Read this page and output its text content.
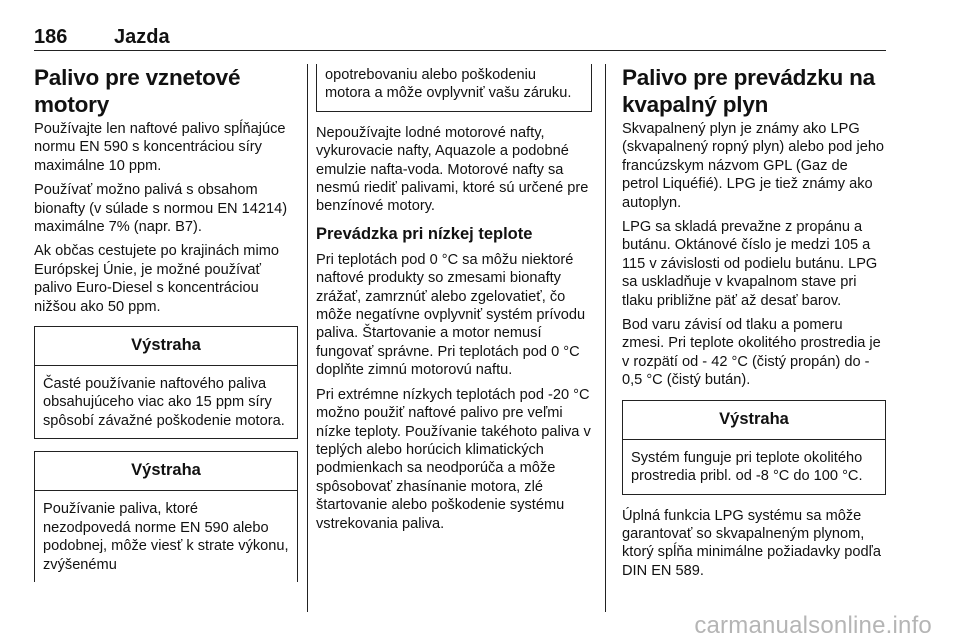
186 Jazda
Palivo pre vznetové motory

Používajte len naftové palivo spĺňajúce normu EN 590 s koncentráciou síry maximálne 10 ppm.

Používať možno palivá s obsahom bionafty (v súlade s normou EN 14214) maximálne 7% (napr. B7).

Ak občas cestujete po krajinách mimo Európskej Únie, je možné používať palivo Euro-Diesel s koncentráciou nižšou ako 50 ppm.

Výstraha
Časté používanie naftového paliva obsahujúceho viac ako 15 ppm síry spôsobí závažné poškodenie motora.
Výstraha
Používanie paliva, ktoré nezodpovedá norme EN 590 alebo podobnej, môže viesť k strate výkonu, zvýšenému
opotrebovaniu alebo poškodeniu motora a môže ovplyvniť vašu záruku.

Nepoužívajte lodné motorové nafty, vykurovacie nafty, Aquazole a podobné emulzie nafta-voda. Motorové nafty sa nesmú riediť palivami, ktoré sú určené pre benzínové motory.

Prevádzka pri nízkej teplote

Pri teplotách pod 0 °C sa môžu niektoré naftové produkty so zmesami bionafty zrážať, zamrznúť alebo zgelovatieť, čo môže negatívne ovplyvniť systém prívodu paliva. Štartovanie a motor nemusí fungovať správne. Pri teplotách pod 0 °C doplňte zimnú motorovú naftu.

Pri extrémne nízkych teplotách pod -20 °C možno použiť naftové palivo pre veľmi nízke teploty. Používanie takéhoto paliva v teplých alebo horúcich klimatických podmienkach sa neodporúča a môže spôsobovať zhasínanie motora, zlé štartovanie alebo poškodenie systému vstrekovania paliva.

Palivo pre prevádzku na kvapalný plyn

Skvapalnený plyn je známy ako LPG (skvapalnený ropný plyn) alebo pod jeho francúzskym názvom GPL (Gaz de petrol Liquéfié). LPG je tiež známy ako autoplyn.

LPG sa skladá prevažne z propánu a butánu. Oktánové číslo je medzi 105 a 115 v závislosti od podielu butánu. LPG sa uskladňuje v kvapalnom stave pri tlaku približne päť až desať barov.

Bod varu závisí od tlaku a pomeru zmesi. Pri teplote okolitého prostredia je v rozpätí od - 42 °C (čistý propán) do - 0,5 °C (čistý bután).

Výstraha
Systém funguje pri teplote okolitého prostredia pribl. od -8 °C do 100 °C.

Úplná funkcia LPG systému sa môže garantovať so skvapalneným plynom, ktorý spĺňa minimálne požiadavky podľa DIN EN 589.

carmanualsonline.info
